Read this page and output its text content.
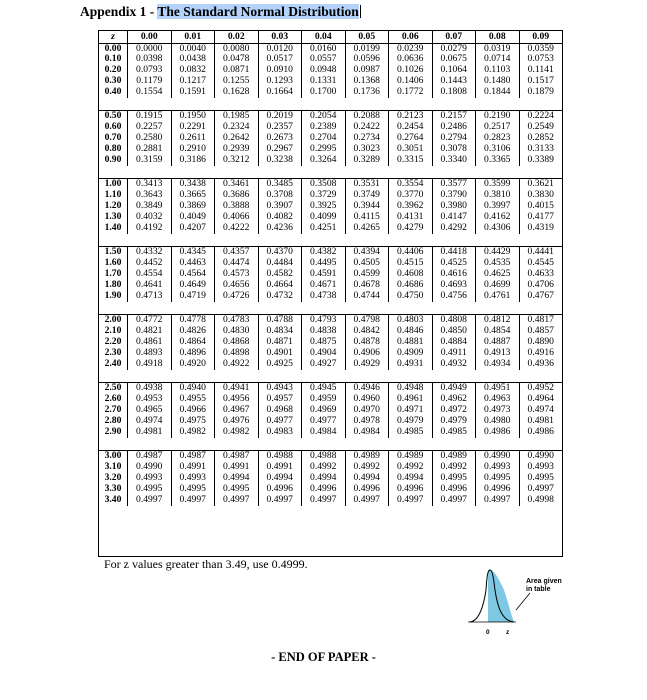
Appendix 1 - The Standard Normal Distribution
z	0.00	0.01	0.02	0.03	0.04	0.05	0.06	0.07	0.08	0.09
0.00	0.0000	0.0040	0.0080	0.0120	0.0160	0.0199	0.0239	0.0279	0.0319	0.0359
0.10	0.0398	0.0438	0.0478	0.0517	0.0557	0.0596	0.0636	0.0675	0.0714	0.0753
0.20	0.0793	0.0832	0.0871	0.0910	0.0948	0.0987	0.1026	0.1064	0.1103	0.1141
0.30	0.1179	0.1217	0.1255	0.1293	0.1331	0.1368	0.1406	0.1443	0.1480	0.1517
0.40	0.1554	0.1591	0.1628	0.1664	0.1700	0.1736	0.1772	0.1808	0.1844	0.1879
0.50	0.1915	0.1950	0.1985	0.2019	0.2054	0.2088	0.2123	0.2157	0.2190	0.2224
0.60	0.2257	0.2291	0.2324	0.2357	0.2389	0.2422	0.2454	0.2486	0.2517	0.2549
0.70	0.2580	0.2611	0.2642	0.2673	0.2704	0.2734	0.2764	0.2794	0.2823	0.2852
0.80	0.2881	0.2910	0.2939	0.2967	0.2995	0.3023	0.3051	0.3078	0.3106	0.3133
0.90	0.3159	0.3186	0.3212	0.3238	0.3264	0.3289	0.3315	0.3340	0.3365	0.3389
1.00	0.3413	0.3438	0.3461	0.3485	0.3508	0.3531	0.3554	0.3577	0.3599	0.3621
1.10	0.3643	0.3665	0.3686	0.3708	0.3729	0.3749	0.3770	0.3790	0.3810	0.3830
1.20	0.3849	0.3869	0.3888	0.3907	0.3925	0.3944	0.3962	0.3980	0.3997	0.4015
1.30	0.4032	0.4049	0.4066	0.4082	0.4099	0.4115	0.4131	0.4147	0.4162	0.4177
1.40	0.4192	0.4207	0.4222	0.4236	0.4251	0.4265	0.4279	0.4292	0.4306	0.4319
1.50	0.4332	0.4345	0.4357	0.4370	0.4382	0.4394	0.4406	0.4418	0.4429	0.4441
1.60	0.4452	0.4463	0.4474	0.4484	0.4495	0.4505	0.4515	0.4525	0.4535	0.4545
1.70	0.4554	0.4564	0.4573	0.4582	0.4591	0.4599	0.4608	0.4616	0.4625	0.4633
1.80	0.4641	0.4649	0.4656	0.4664	0.4671	0.4678	0.4686	0.4693	0.4699	0.4706
1.90	0.4713	0.4719	0.4726	0.4732	0.4738	0.4744	0.4750	0.4756	0.4761	0.4767
2.00	0.4772	0.4778	0.4783	0.4788	0.4793	0.4798	0.4803	0.4808	0.4812	0.4817
2.10	0.4821	0.4826	0.4830	0.4834	0.4838	0.4842	0.4846	0.4850	0.4854	0.4857
2.20	0.4861	0.4864	0.4868	0.4871	0.4875	0.4878	0.4881	0.4884	0.4887	0.4890
2.30	0.4893	0.4896	0.4898	0.4901	0.4904	0.4906	0.4909	0.4911	0.4913	0.4916
2.40	0.4918	0.4920	0.4922	0.4925	0.4927	0.4929	0.4931	0.4932	0.4934	0.4936
2.50	0.4938	0.4940	0.4941	0.4943	0.4945	0.4946	0.4948	0.4949	0.4951	0.4952
2.60	0.4953	0.4955	0.4956	0.4957	0.4959	0.4960	0.4961	0.4962	0.4963	0.4964
2.70	0.4965	0.4966	0.4967	0.4968	0.4969	0.4970	0.4971	0.4972	0.4973	0.4974
2.80	0.4974	0.4975	0.4976	0.4977	0.4977	0.4978	0.4979	0.4979	0.4980	0.4981
2.90	0.4981	0.4982	0.4982	0.4983	0.4984	0.4984	0.4985	0.4985	0.4986	0.4986
3.00	0.4987	0.4987	0.4987	0.4988	0.4988	0.4989	0.4989	0.4989	0.4990	0.4990
3.10	0.4990	0.4991	0.4991	0.4991	0.4992	0.4992	0.4992	0.4992	0.4993	0.4993
3.20	0.4993	0.4993	0.4994	0.4994	0.4994	0.4994	0.4994	0.4995	0.4995	0.4995
3.30	0.4995	0.4995	0.4995	0.4996	0.4996	0.4996	0.4996	0.4996	0.4996	0.4997
3.40	0.4997	0.4997	0.4997	0.4997	0.4997	0.4997	0.4997	0.4997	0.4997	0.4998
For z values greater than 3.49, use 0.4999.
Area given
in table
0	z
- END OF PAPER -
